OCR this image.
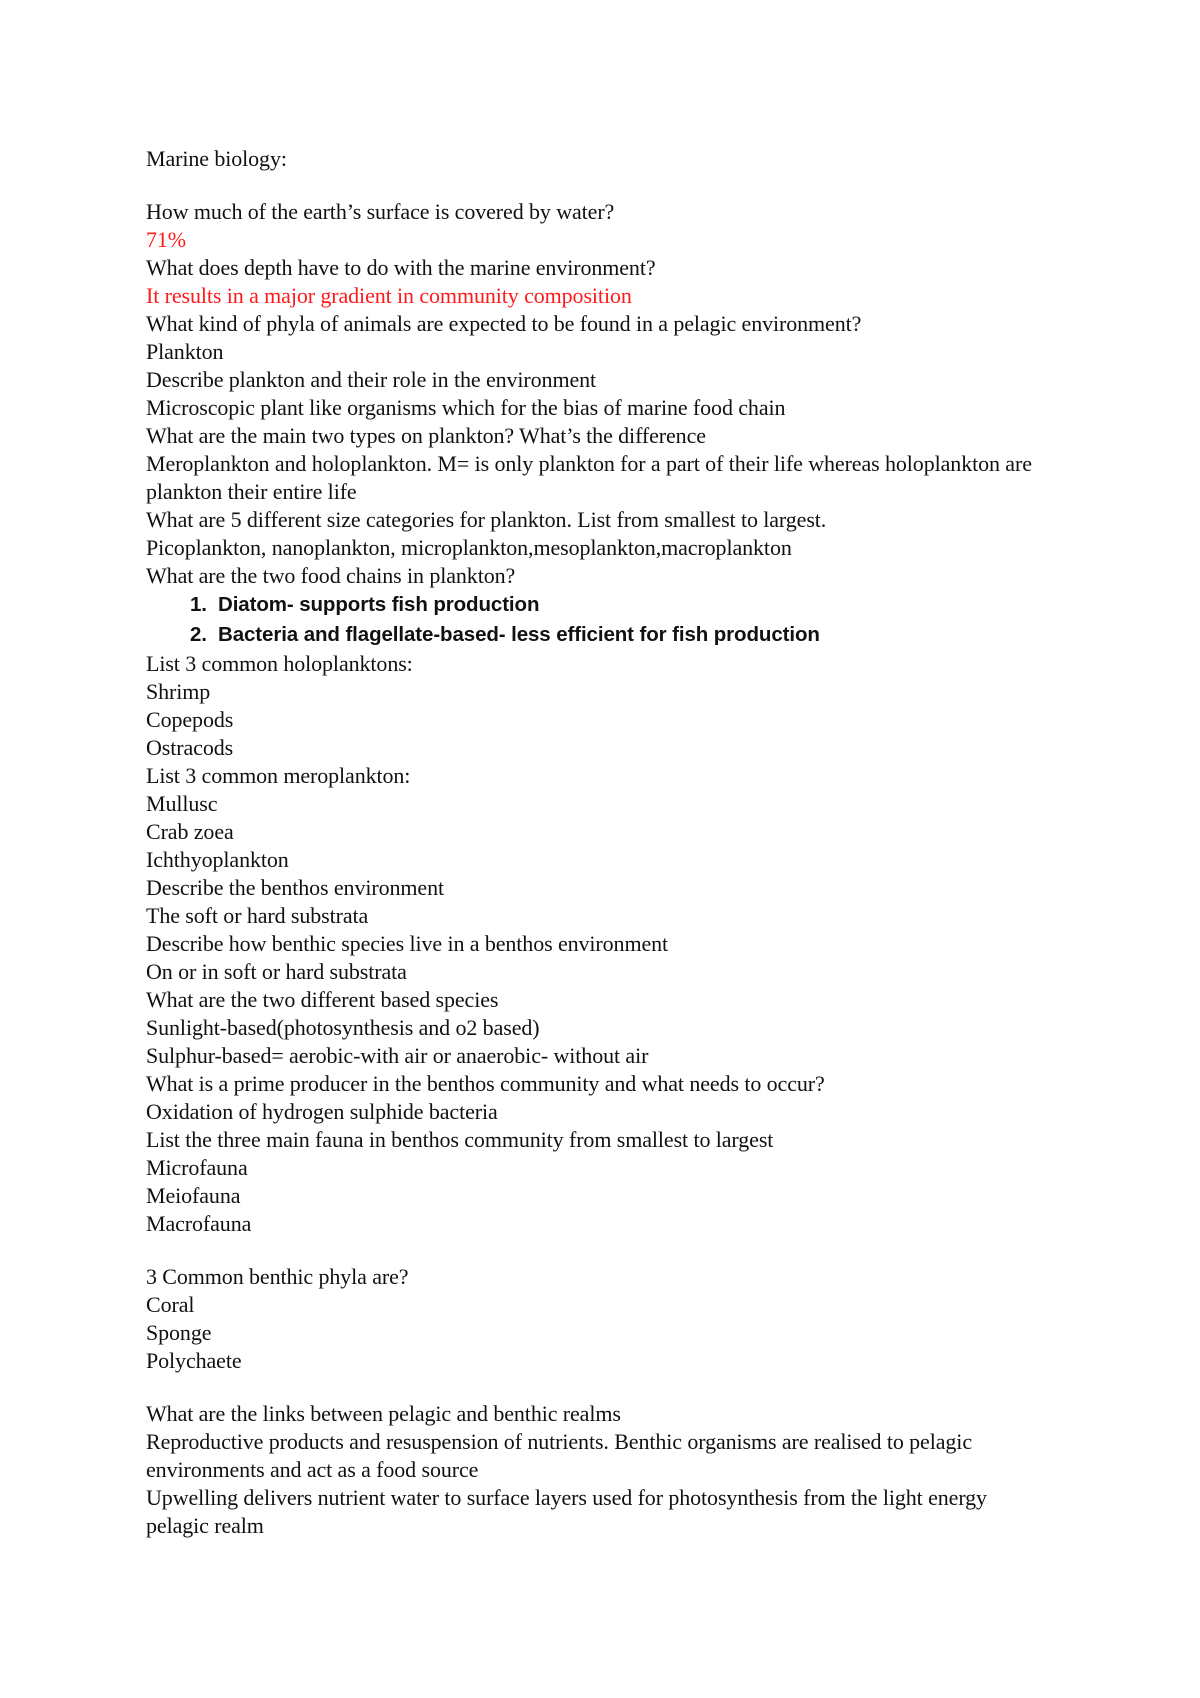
Marine biology:
How much of the earth’s surface is covered by water?
71%
What does depth have to do with the marine environment?
It results in a major gradient in community composition
What kind of phyla of animals are expected to be found in a pelagic environment?
Plankton
Describe plankton and their role in the environment
Microscopic plant like organisms which for the bias of marine food chain
What are the main two types on plankton? What’s the difference
Meroplankton and holoplankton. M= is only plankton for a part of their life whereas holoplankton are plankton their entire life
What are 5 different size categories for plankton. List from smallest to largest.
Picoplankton, nanoplankton, microplankton,mesoplankton,macroplankton
What are the two food chains in plankton?
1. Diatom- supports fish production
2. Bacteria and flagellate-based- less efficient for fish production
List 3 common holoplanktons:
Shrimp
Copepods
Ostracods
List 3 common meroplankton:
Mullusc
Crab zoea
Ichthyoplankton
Describe the benthos environment
The soft or hard substrata
Describe how benthic species live in a benthos environment
On or in soft or hard substrata
What are the two different based species
Sunlight-based(photosynthesis and o2 based)
Sulphur-based= aerobic-with air or anaerobic- without air
What is a prime producer in the benthos community and what needs to occur?
Oxidation of hydrogen sulphide bacteria
List the three main fauna in benthos community from smallest to largest
Microfauna
Meiofauna
Macrofauna
3 Common benthic phyla are?
Coral
Sponge
Polychaete
What are the links between pelagic and benthic realms
Reproductive products and resuspension of nutrients. Benthic organisms are realised to pelagic environments and act as a food source
Upwelling delivers nutrient water to surface layers used for photosynthesis from the light energy pelagic realm
